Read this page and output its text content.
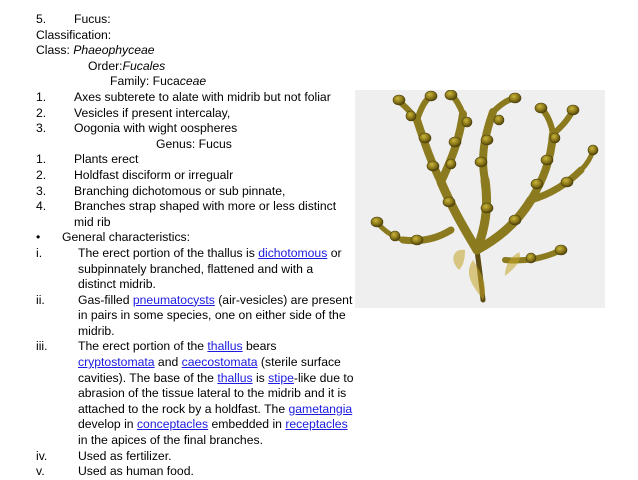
5.	Fucus:
Classification:
Class: Phaeophyceae
Order:Fucales
Family: Fucaceae
1.	Axes subterete to alate with midrib but not foliar
2.	Vesicles if present intercalay,
3.	Oogonia with wight oospheres
Genus: Fucus
1.	Plants erect
2.	Holdfast disciform or irregualr
3.	Branching dichotomous or sub pinnate,
4.	Branches strap shaped with more or less distinct mid rib
•	General characteristics:
i.	The erect portion of the thallus is dichotomous or subpinnately branched, flattened and with a distinct midrib.
ii.	Gas-filled pneumatocysts (air-vesicles) are present in pairs in some species, one on either side of the midrib.
iii.	The erect portion of the thallus bears cryptostomata and caecostomata (sterile surface cavities). The base of the thallus is stipe-like due to abrasion of the tissue lateral to the midrib and it is attached to the rock by a holdfast. The gametangia develop in conceptacles embedded in receptacles in the apices of the final branches.
iv.	Used as fertilizer.
v.	Used as human food.
